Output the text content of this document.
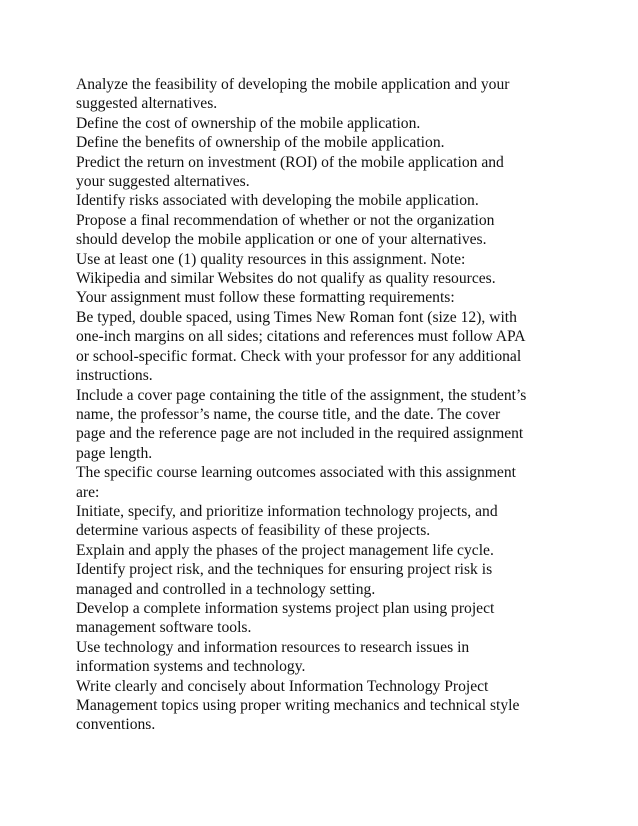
Analyze the feasibility of developing the mobile application and your
suggested alternatives.

Define the cost of ownership of the mobile application.

Define the benefits of ownership of the mobile application.

Predict the return on investment (ROI) of the mobile application and
your suggested alternatives.

Identify risks associated with developing the mobile application.

Propose a final recommendation of whether or not the organization
should develop the mobile application or one of your alternatives.

Use at least one (1) quality resources in this assignment. Note:
Wikipedia and similar Websites do not qualify as quality resources.

Your assignment must follow these formatting requirements:

Be typed, double spaced, using Times New Roman font (size 12), with
one-inch margins on all sides; citations and references must follow APA
or school-specific format. Check with your professor for any additional
instructions.

Include a cover page containing the title of the assignment, the student’s
name, the professor’s name, the course title, and the date. The cover
page and the reference page are not included in the required assignment
page length.

The specific course learning outcomes associated with this assignment
are:

Initiate, specify, and prioritize information technology projects, and
determine various aspects of feasibility of these projects.

Explain and apply the phases of the project management life cycle.

Identify project risk, and the techniques for ensuring project risk is
managed and controlled in a technology setting.

Develop a complete information systems project plan using project
management software tools.

Use technology and information resources to research issues in
information systems and technology.

Write clearly and concisely about Information Technology Project
Management topics using proper writing mechanics and technical style
conventions.
